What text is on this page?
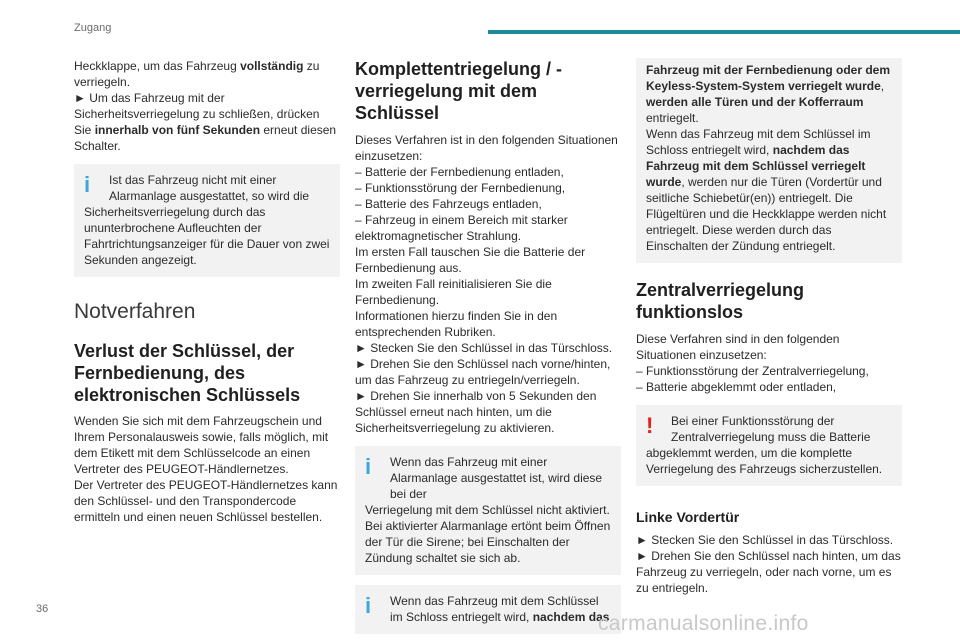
Zugang

Heckklappe, um das Fahrzeug vollständig zu verriegeln.

► Um das Fahrzeug mit der Sicherheitsverriegelung zu schließen, drücken Sie innerhalb von fünf Sekunden erneut diesen Schalter.

i	Ist das Fahrzeug nicht mit einer Alarmanlage ausgestattet, so wird die

Sicherheitsverriegelung durch das ununterbrochene Aufleuchten der Fahrtrichtungsanzeiger für die Dauer von zwei Sekunden angezeigt.

Notverfahren
Verlust der Schlüssel, der Fernbedienung, des elektronischen Schlüssels

Wenden Sie sich mit dem Fahrzeugschein und Ihrem Personalausweis sowie, falls möglich, mit dem Etikett mit dem Schlüsselcode an einen Vertreter des PEUGEOT-Händlernetzes.

Der Vertreter des PEUGEOT-Händlernetzes kann den Schlüssel- und den Transpondercode ermitteln und einen neuen Schlüssel bestellen.

Komplettentriegelung / -verriegelung mit dem Schlüssel

Dieses Verfahren ist in den folgenden Situationen einzusetzen:

– Batterie der Fernbedienung entladen,

– Funktionsstörung der Fernbedienung,

– Batterie des Fahrzeugs entladen,

– Fahrzeug in einem Bereich mit starker elektromagnetischer Strahlung.

Im ersten Fall tauschen Sie die Batterie der Fernbedienung aus.

Im zweiten Fall reinitialisieren Sie die Fernbedienung.

Informationen hierzu finden Sie in den entsprechenden Rubriken.

► Stecken Sie den Schlüssel in das Türschloss.

► Drehen Sie den Schlüssel nach vorne/hinten, um das Fahrzeug zu entriegeln/verriegeln.

► Drehen Sie innerhalb von 5 Sekunden den Schlüssel erneut nach hinten, um die Sicherheitsverriegelung zu aktivieren.

i	Wenn das Fahrzeug mit einer Alarmanlage ausgestattet ist, wird diese bei der

Verriegelung mit dem Schlüssel nicht aktiviert. Bei aktivierter Alarmanlage ertönt beim Öffnen der Tür die Sirene; bei Einschalten der Zündung schaltet sie sich ab.

i	Wenn das Fahrzeug mit dem Schlüssel im Schloss entriegelt wird, nachdem das

Fahrzeug mit der Fernbedienung oder dem Keyless-System-System verriegelt wurde, werden alle Türen und der Kofferraum entriegelt.

Wenn das Fahrzeug mit dem Schlüssel im Schloss entriegelt wird, nachdem das Fahrzeug mit dem Schlüssel verriegelt wurde, werden nur die Türen (Vordertür und seitliche Schiebetür(en)) entriegelt. Die Flügeltüren und die Heckklappe werden nicht entriegelt. Diese werden durch das Einschalten der Zündung entriegelt.

Zentralverriegelung funktionslos

Diese Verfahren sind in den folgenden Situationen einzusetzen:

– Funktionsstörung der Zentralverriegelung,

– Batterie abgeklemmt oder entladen,

!	Bei einer Funktionsstörung der Zentralverriegelung muss die Batterie

abgeklemmt werden, um die komplette Verriegelung des Fahrzeugs sicherzustellen.

Linke Vordertür

► Stecken Sie den Schlüssel in das Türschloss.

► Drehen Sie den Schlüssel nach hinten, um das Fahrzeug zu verriegeln, oder nach vorne, um es zu entriegeln.

36
carmanualsonline.info
